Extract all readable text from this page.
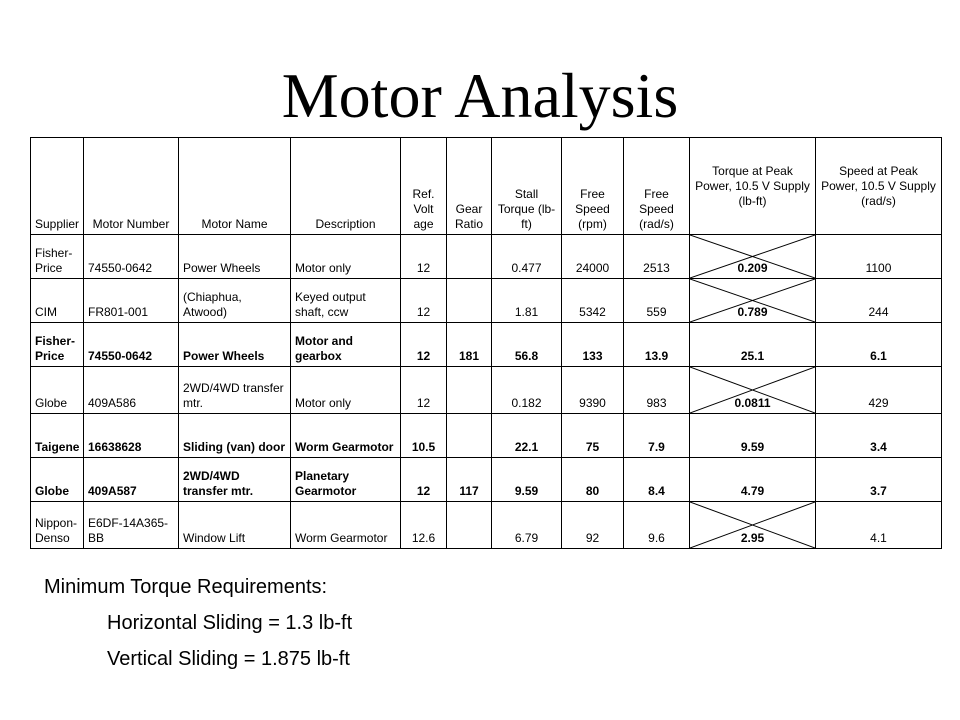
Motor Analysis
Supplier	Motor Number	Motor Name	Description	Ref. Volt age	Gear Ratio	Stall Torque (lb-ft)	Free Speed (rpm)	Free Speed (rad/s)	Torque at Peak Power, 10.5 V Supply (lb-ft)	Speed at Peak Power, 10.5 V Supply (rad/s)
Fisher-Price	74550-0642	Power Wheels	Motor only	12		0.477	24000	2513	0.209	1100
CIM	FR801-001	(Chiaphua, Atwood)	Keyed output shaft, ccw	12		1.81	5342	559	0.789	244
Fisher-Price	74550-0642	Power Wheels	Motor and gearbox	12	181	56.8	133	13.9	25.1	6.1
Globe	409A586	2WD/4WD transfer mtr.	Motor only	12		0.182	9390	983	0.0811	429
Taigene	16638628	Sliding (van) door	Worm Gearmotor	10.5		22.1	75	7.9	9.59	3.4
Globe	409A587	2WD/4WD transfer mtr.	Planetary Gearmotor	12	117	9.59	80	8.4	4.79	3.7
Nippon-Denso	E6DF-14A365-BB	Window Lift	Worm Gearmotor	12.6		6.79	92	9.6	2.95	4.1
Minimum Torque Requirements:
Horizontal Sliding = 1.3 lb-ft
Vertical Sliding = 1.875 lb-ft
